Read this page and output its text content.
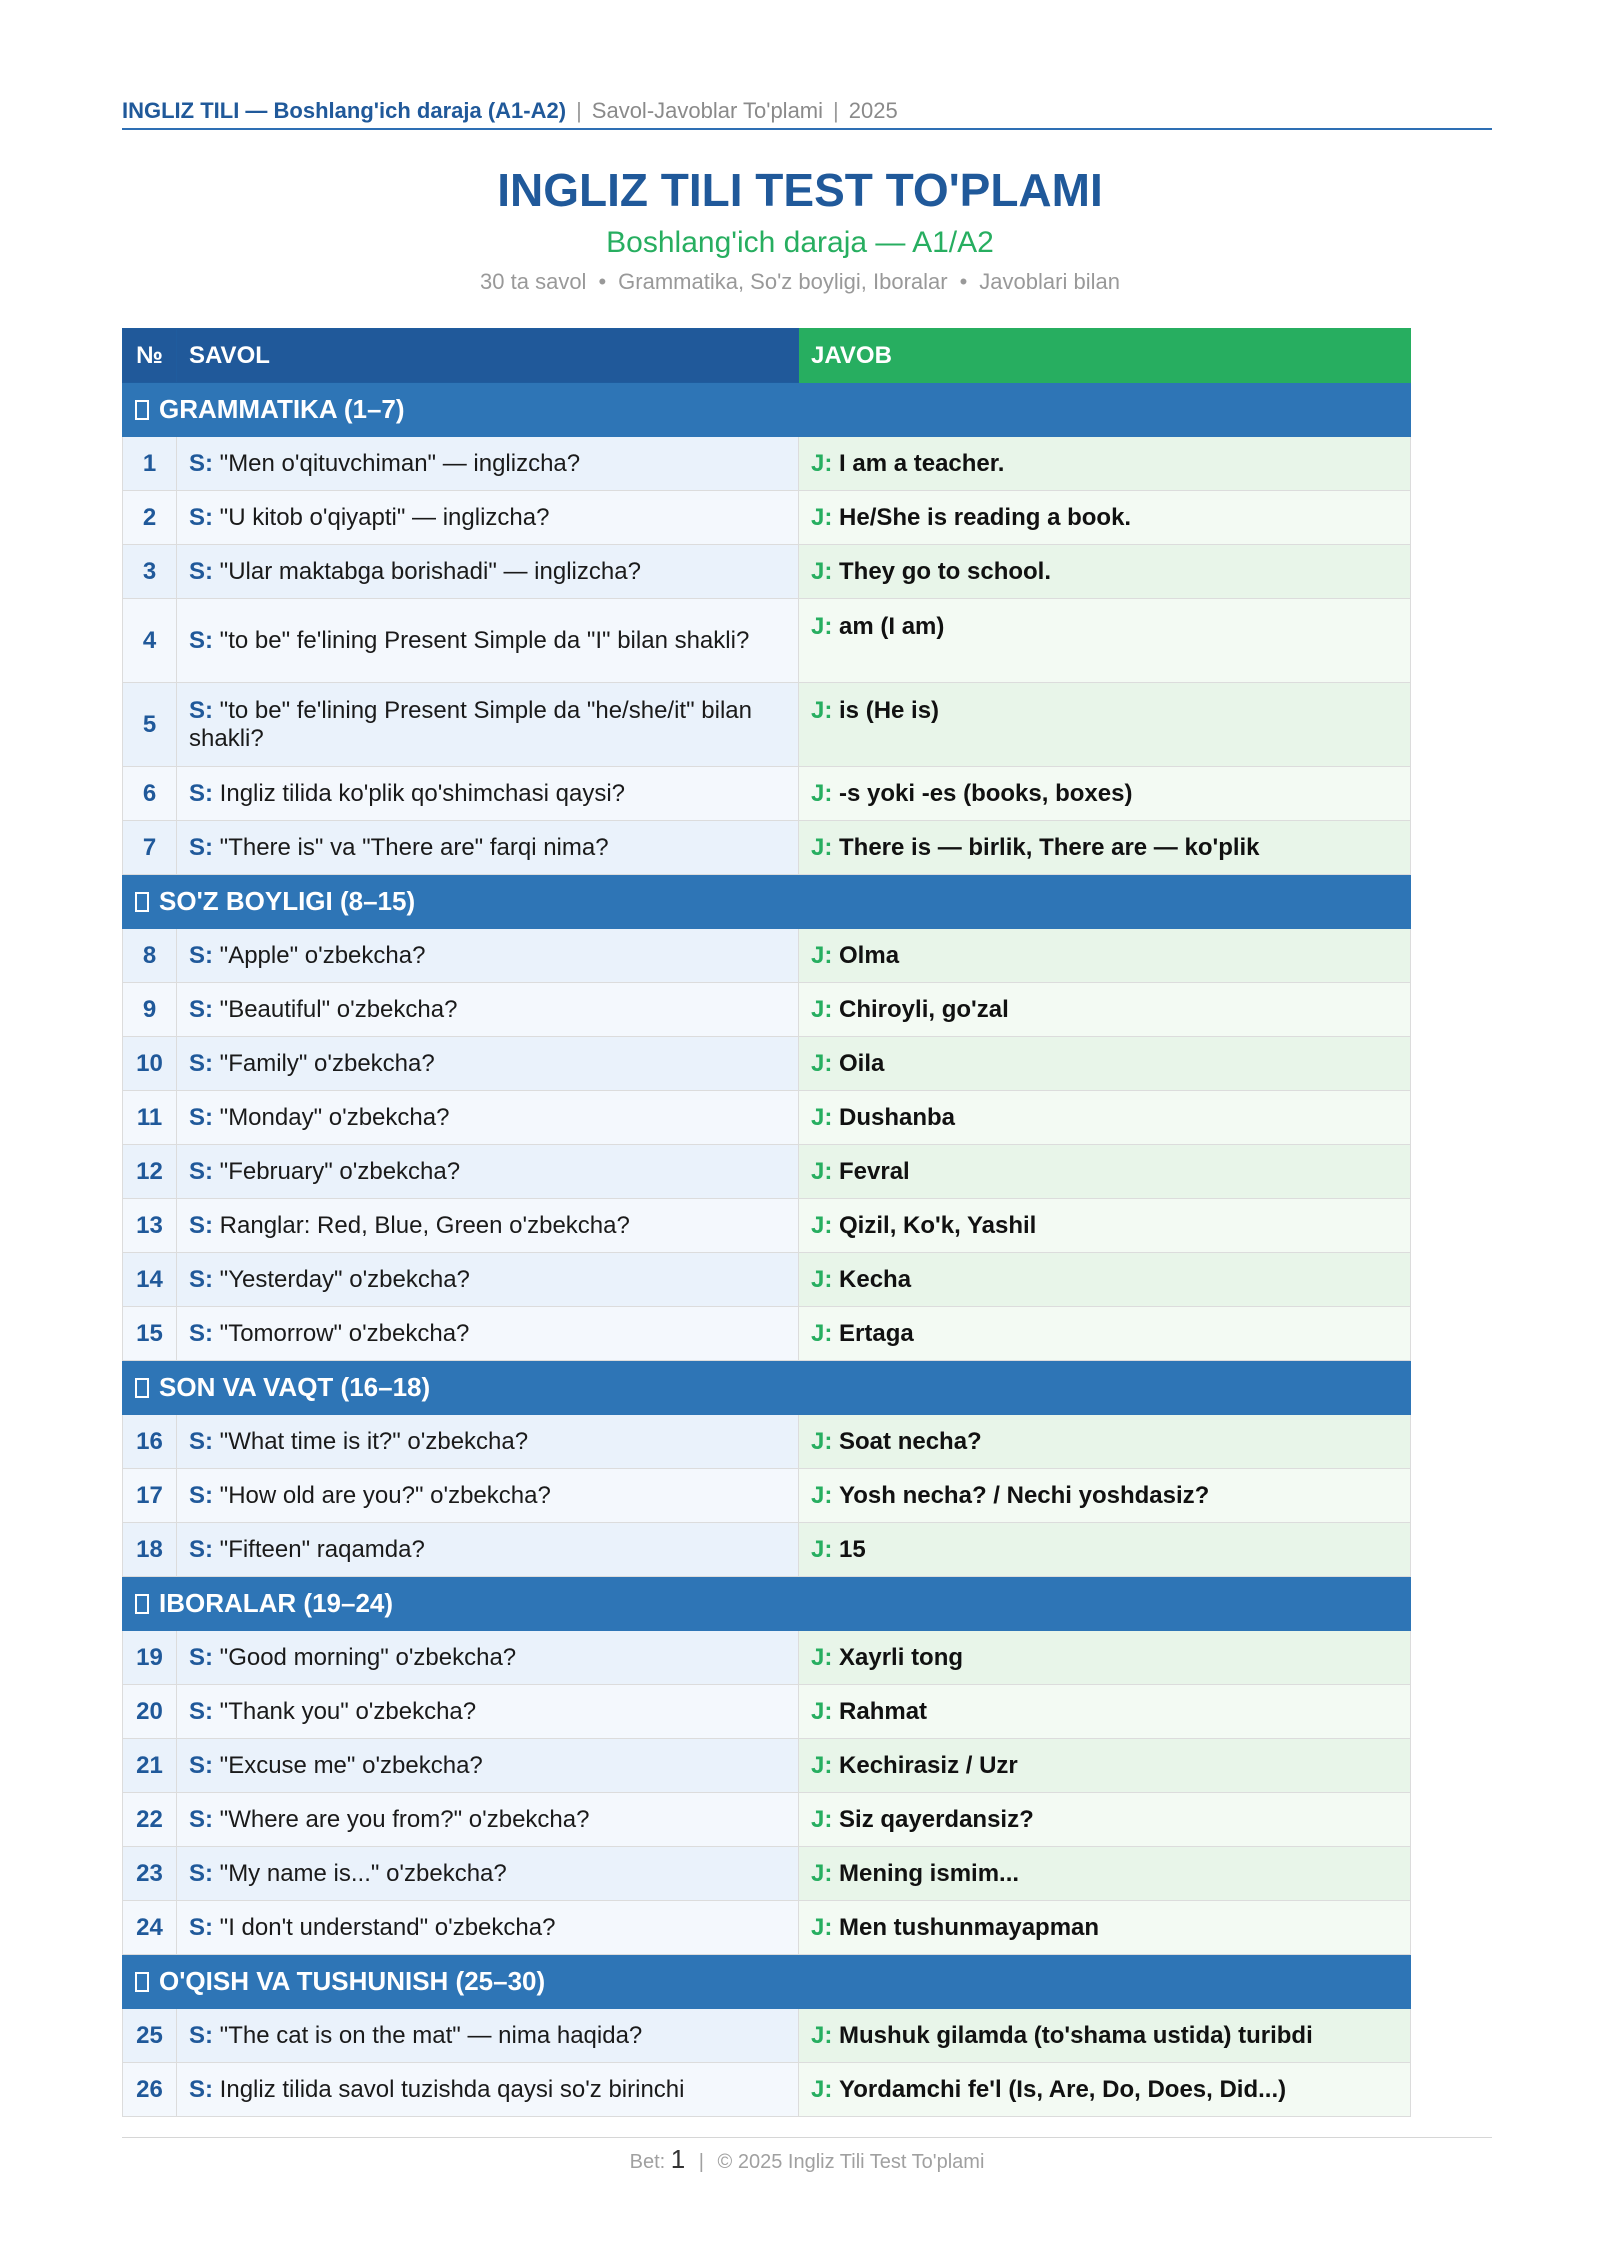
INGLIZ TILI — Boshlang'ich daraja (A1-A2) | Savol-Javoblar To'plami | 2025
INGLIZ TILI TEST TO'PLAMI
Boshlang'ich daraja — A1/A2
30 ta savol • Grammatika, So'z boyligi, Iboralar • Javoblari bilan
№	SAVOL	JAVOB
GRAMMATIKA (1–7)		
1	S: "Men o'qituvchiman" — inglizcha?	J: I am a teacher.
2	S: "U kitob o'qiyapti" — inglizcha?	J: He/She is reading a book.
3	S: "Ular maktabga borishadi" — inglizcha?	J: They go to school.
4	S: "to be" fe'lining Present Simple da "I" bilan shakli?	J: am (I am)
5	S: "to be" fe'lining Present Simple da "he/she/it" bilan shakli?	J: is (He is)
6	S: Ingliz tilida ko'plik qo'shimchasi qaysi?	J: -s yoki -es (books, boxes)
7	S: "There is" va "There are" farqi nima?	J: There is — birlik, There are — ko'plik
SO'Z BOYLIGI (8–15)		
8	S: "Apple" o'zbekcha?	J: Olma
9	S: "Beautiful" o'zbekcha?	J: Chiroyli, go'zal
10	S: "Family" o'zbekcha?	J: Oila
11	S: "Monday" o'zbekcha?	J: Dushanba
12	S: "February" o'zbekcha?	J: Fevral
13	S: Ranglar: Red, Blue, Green o'zbekcha?	J: Qizil, Ko'k, Yashil
14	S: "Yesterday" o'zbekcha?	J: Kecha
15	S: "Tomorrow" o'zbekcha?	J: Ertaga
SON VA VAQT (16–18)		
16	S: "What time is it?" o'zbekcha?	J: Soat necha?
17	S: "How old are you?" o'zbekcha?	J: Yosh necha? / Nechi yoshdasiz?
18	S: "Fifteen" raqamda?	J: 15
IBORALAR (19–24)		
19	S: "Good morning" o'zbekcha?	J: Xayrli tong
20	S: "Thank you" o'zbekcha?	J: Rahmat
21	S: "Excuse me" o'zbekcha?	J: Kechirasiz / Uzr
22	S: "Where are you from?" o'zbekcha?	J: Siz qayerdansiz?
23	S: "My name is..." o'zbekcha?	J: Mening ismim...
24	S: "I don't understand" o'zbekcha?	J: Men tushunmayapman
O'QISH VA TUSHUNISH (25–30)		
25	S: "The cat is on the mat" — nima haqida?	J: Mushuk gilamda (to'shama ustida) turibdi
26	S: Ingliz tilida savol tuzishda qaysi so'z birinchi	J: Yordamchi fe'l (Is, Are, Do, Does, Did...)
Bet: 1 | © 2025 Ingliz Tili Test To'plami
